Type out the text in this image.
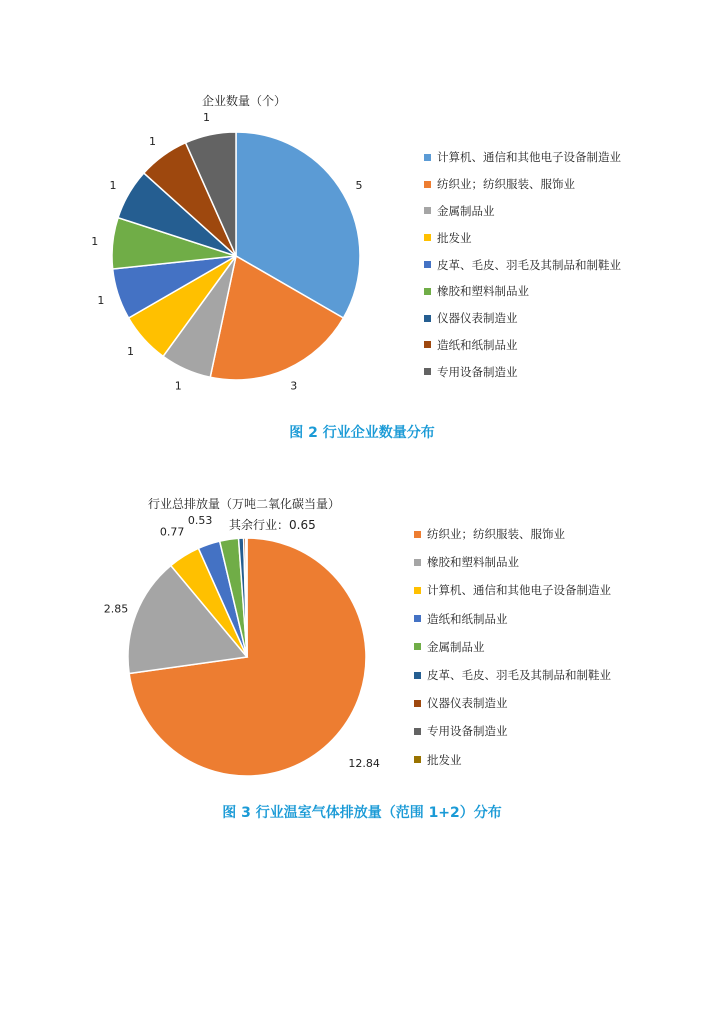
5
3
1
1
1
1
1
1
1
企业数量（个）
计算机、通信和其他电子设备制造业
纺织业；纺织服装、服饰业
金属制品业
批发业
皮革、毛皮、羽毛及其制品和制鞋业
橡胶和塑料制品业
仪器仪表制造业
造纸和纸制品业
专用设备制造业
图 2 行业企业数量分布
12.84
2.85
0.77
0.53
行业总排放量（万吨二氧化碳当量）
其余行业：0.65
纺织业；纺织服装、服饰业
橡胶和塑料制品业
计算机、通信和其他电子设备制造业
造纸和纸制品业
金属制品业
皮革、毛皮、羽毛及其制品和制鞋业
仪器仪表制造业
专用设备制造业
批发业
图 3 行业温室气体排放量（范围 1+2）分布
